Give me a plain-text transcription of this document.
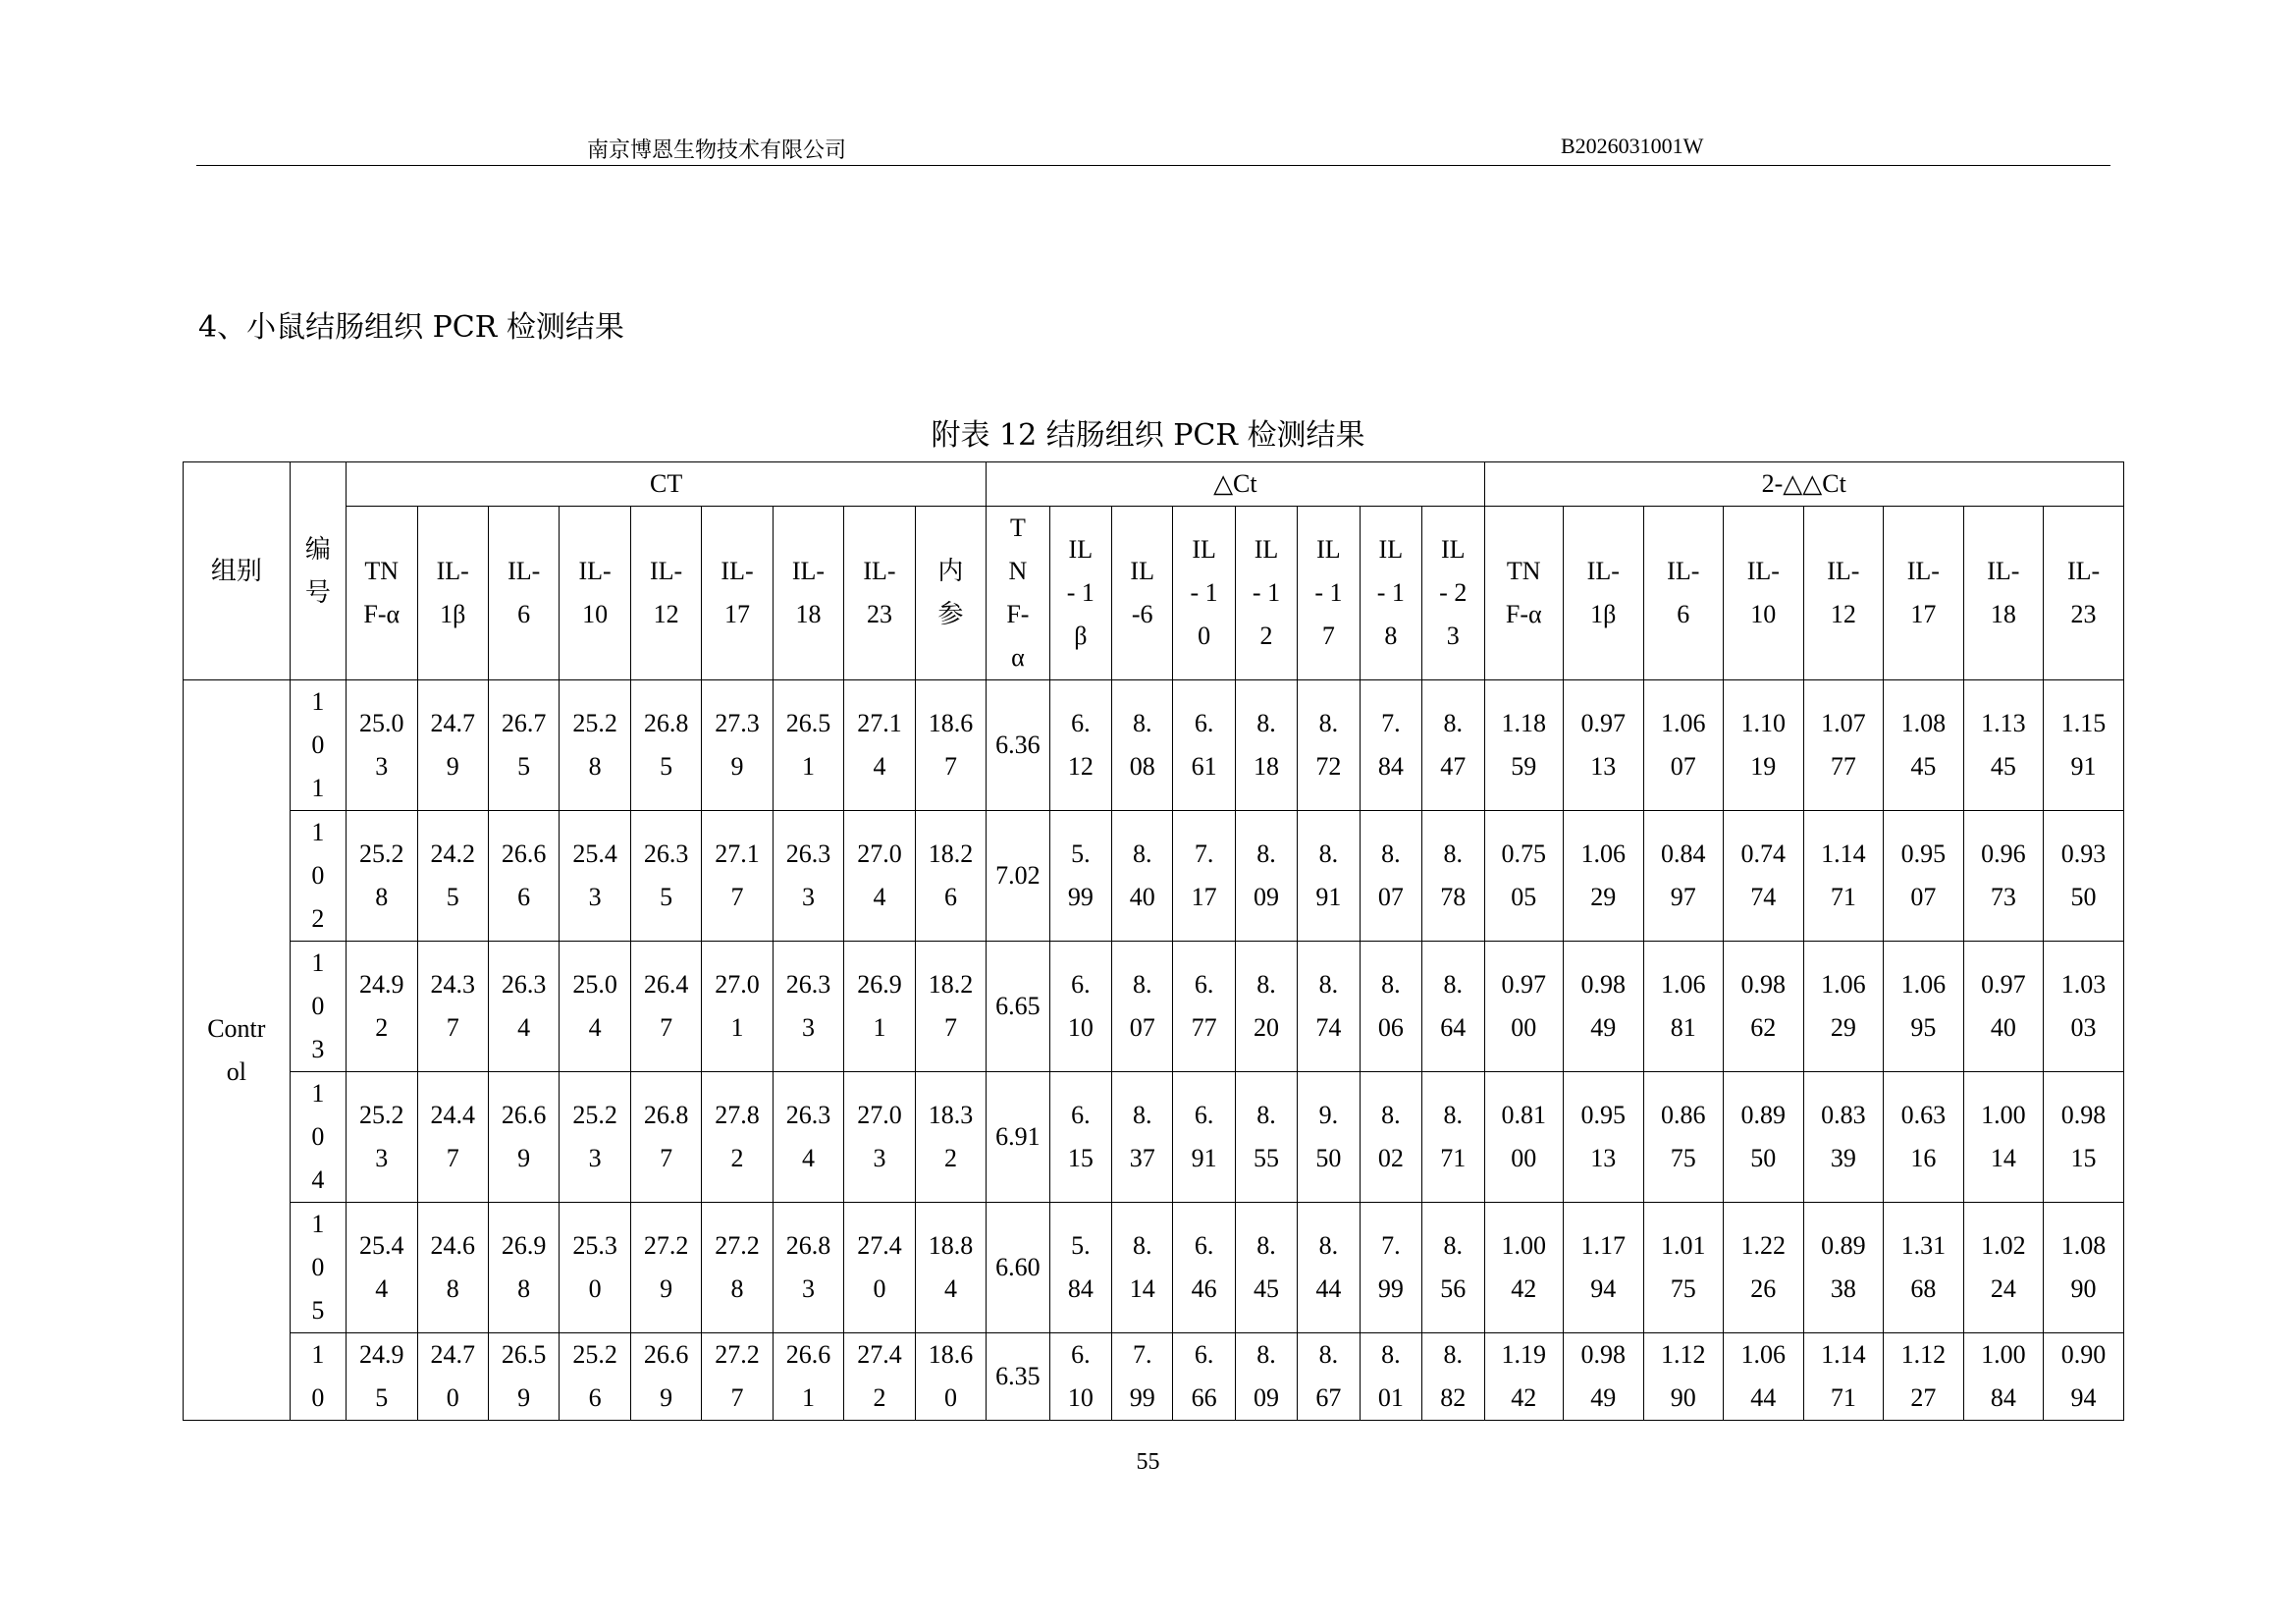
南京博恩生物技术有限公司	B2026031001W
4、小鼠结肠组织 PCR 检测结果
附表 12 结肠组织 PCR 检测结果
组别	编号	CT									△Ct								2-△△Ct							
		TN F-α	IL- 1β	IL- 6	IL- 10	IL- 12	IL- 17	IL- 18	IL- 23	内 参	TN F-α	IL - 1β	IL -6	IL - 10	IL - 12	IL - 17	IL - 18	IL - 23	TN F-α	IL- 1β	IL- 6	IL- 10	IL- 12	IL- 17	IL- 18	IL- 23
Control	101	25.03	24.79	26.75	25.28	26.85	27.39	26.51	27.14	18.67	6.36	6.12	8.08	6.61	8.18	8.72	7.84	8.47	1.1859	0.9713	1.0607	1.1019	1.0777	1.0845	1.1345	1.1591
	102	25.28	24.25	26.66	25.43	26.35	27.17	26.33	27.04	18.26	7.02	5.99	8.40	7.17	8.09	8.91	8.07	8.78	0.7505	1.0629	0.8497	0.7474	1.1471	0.9507	0.9673	0.9350
	103	24.92	24.37	26.34	25.04	26.47	27.01	26.33	26.91	18.27	6.65	6.10	8.07	6.77	8.20	8.74	8.06	8.64	0.9700	0.9849	1.0681	0.9862	1.0629	1.0695	0.9740	1.0303
	104	25.23	24.47	26.69	25.23	26.87	27.82	26.34	27.03	18.32	6.91	6.15	8.37	6.91	8.55	9.50	8.02	8.71	0.8100	0.9513	0.8675	0.8950	0.8339	0.6316	1.0014	0.9815
	105	25.44	24.68	26.98	25.30	27.29	27.28	26.83	27.40	18.84	6.60	5.84	8.14	6.46	8.45	8.44	7.99	8.56	1.0042	1.1794	1.0175	1.2226	0.8938	1.3168	1.0224	1.0890
	10	24.95	24.70	26.59	25.26	26.69	27.27	26.61	27.42	18.60	6.35	6.10	7.99	6.66	8.09	8.67	8.01	8.82	1.1942	0.9849	1.1290	1.0644	1.1471	1.1227	1.0084	0.9094
55
